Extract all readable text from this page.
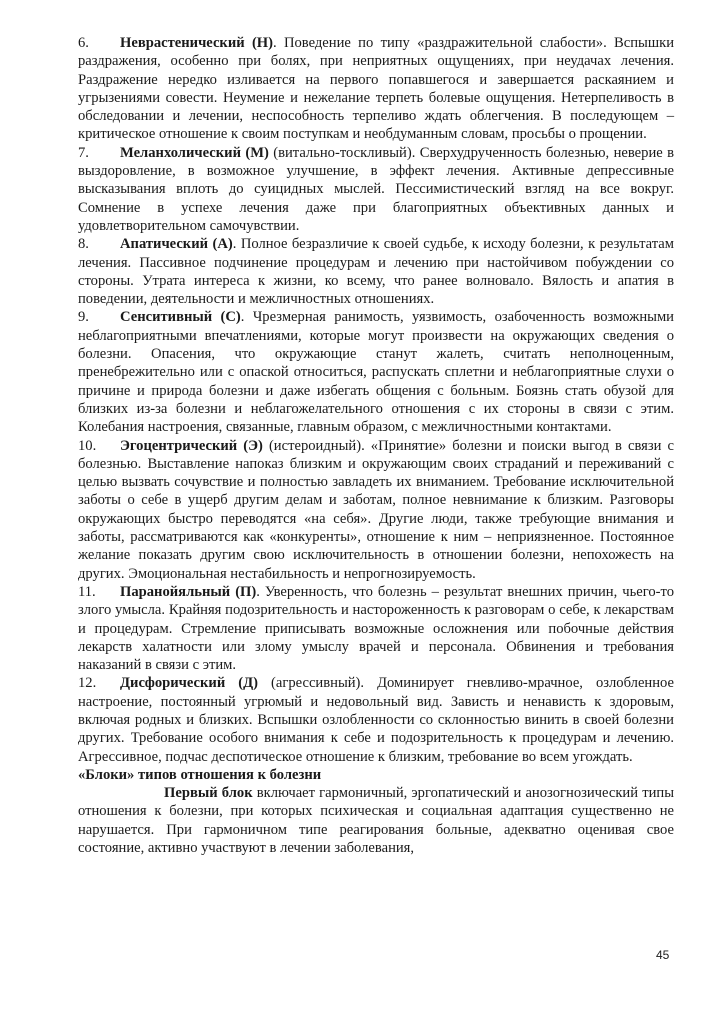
6. Неврастенический (Н). Поведение по типу «раздражительной слабости». Вспышки раздражения, особенно при болях, при неприятных ощущениях, при неудачах лечения. Раздражение нередко изливается на первого попавшегося и завершается раскаянием и угрызениями совести. Неумение и нежелание терпеть болевые ощущения. Нетерпеливость в обследовании и лечении, неспособность терпеливо ждать облегчения. В последующем – критическое отношение к своим поступкам и необдуманным словам, просьбы о прощении.

7. Меланхолический (М) (витально-тоскливый). Сверхудрученность болезнью, неверие в выздоровление, в возможное улучшение, в эффект лечения. Активные депрессивные высказывания вплоть до суицидных мыслей. Пессимистический взгляд на все вокруг. Сомнение в успехе лечения даже при благоприятных объективных данных и удовлетворительном самочувствии.

8. Апатический (А). Полное безразличие к своей судьбе, к исходу болезни, к результатам лечения. Пассивное подчинение процедурам и лечению при настойчивом побуждении со стороны. Утрата интереса к жизни, ко всему, что ранее волновало. Вялость и апатия в поведении, деятельности и межличностных отношениях.

9. Сенситивный (С). Чрезмерная ранимость, уязвимость, озабоченность возможными неблагоприятными впечатлениями, которые могут произвести на окружающих сведения о болезни. Опасения, что окружающие станут жалеть, считать неполноценным, пренебрежительно или с опаской относиться, распускать сплетни и неблагоприятные слухи о причине и природа болезни и даже избегать общения с больным. Боязнь стать обузой для близких из-за болезни и неблагожелательного отношения с их стороны в связи с этим. Колебания настроения, связанные, главным образом, с межличностными контактами.

10. Эгоцентрический (Э) (истероидный). «Принятие» болезни и поиски выгод в связи с болезнью. Выставление напоказ близким и окружающим своих страданий и переживаний с целью вызвать сочувствие и полностью завладеть их вниманием. Требование исключительной заботы о себе в ущерб другим делам и заботам, полное невнимание к близким. Разговоры окружающих быстро переводятся «на себя». Другие люди, также требующие внимания и заботы, рассматриваются как «конкуренты», отношение к ним – неприязненное. Постоянное желание показать другим свою исключительность в отношении болезни, непохожесть на других. Эмоциональная нестабильность и непрогнозируемость.

11. Паранойяльный (П). Уверенность, что болезнь – результат внешних причин, чьего-то злого умысла. Крайняя подозрительность и настороженность к разговорам о себе, к лекарствам и процедурам. Стремление приписывать возможные осложнения или побочные действия лекарств халатности или злому умыслу врачей и персонала. Обвинения и требования наказаний в связи с этим.

12. Дисфорический (Д) (агрессивный). Доминирует гневливо-мрачное, озлобленное настроение, постоянный угрюмый и недовольный вид. Зависть и ненависть к здоровым, включая родных и близких. Вспышки озлобленности со склонностью винить в своей болезни других. Требование особого внимания к себе и подозрительность к процедурам и лечению. Агрессивное, подчас деспотическое отношение к близким, требование во всем угождать.

«Блоки» типов отношения к болезни

Первый блок включает гармоничный, эргопатический и анозогнозический типы отношения к болезни, при которых психическая и социальная адаптация существенно не нарушается. При гармоничном типе реагирования больные, адекватно оценивая свое состояние, активно участвуют в лечении заболевания,

45
